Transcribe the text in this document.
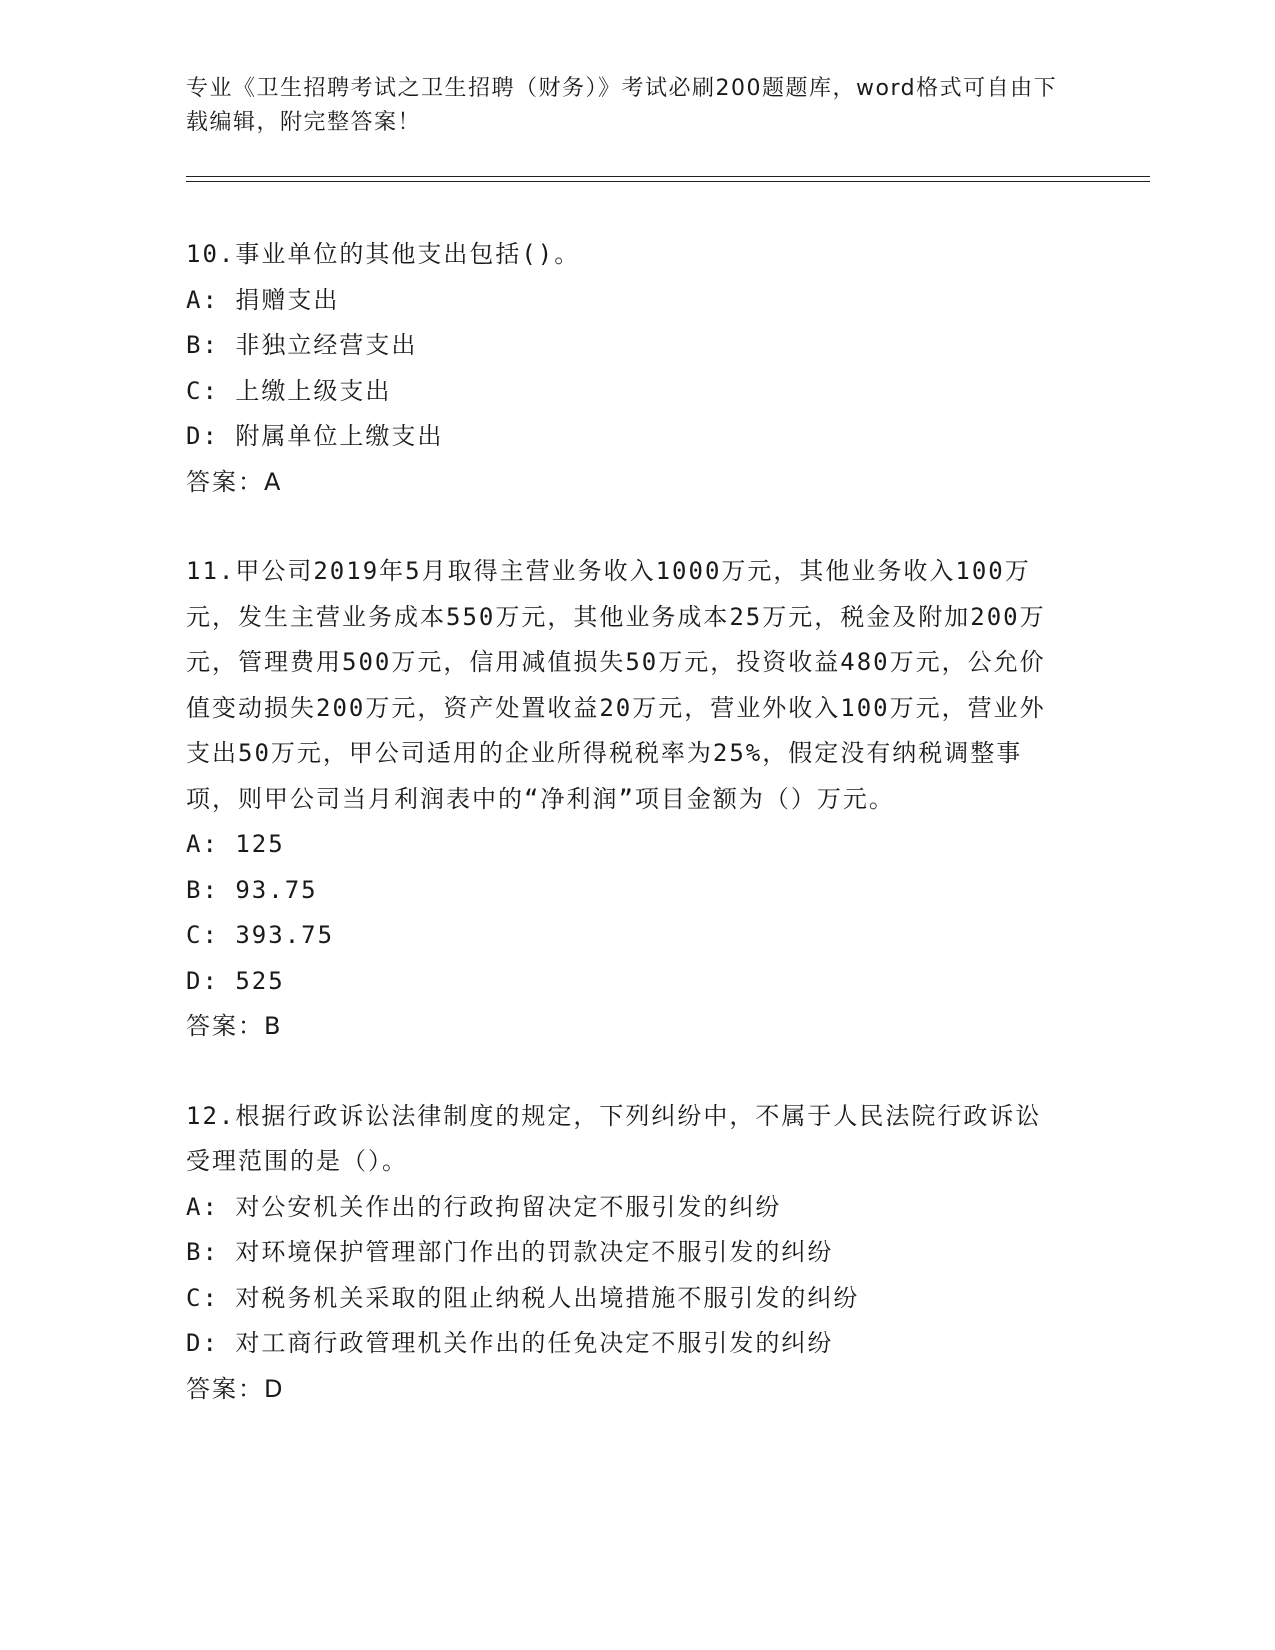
专业《卫生招聘考试之卫生招聘（财务）》考试必刷200题题库，word格式可自由下载编辑，附完整答案！
10.事业单位的其他支出包括()。
A: 捐赠支出
B: 非独立经营支出
C: 上缴上级支出
D: 附属单位上缴支出
答案：A
11.甲公司2019年5月取得主营业务收入1000万元，其他业务收入100万元，发生主营业务成本550万元，其他业务成本25万元，税金及附加200万元，管理费用500万元，信用减值损失50万元，投资收益480万元，公允价值变动损失200万元，资产处置收益20万元，营业外收入100万元，营业外支出50万元，甲公司适用的企业所得税税率为25%，假定没有纳税调整事项，则甲公司当月利润表中的“净利润”项目金额为（）万元。
A: 125
B: 93.75
C: 393.75
D: 525
答案：B
12.根据行政诉讼法律制度的规定，下列纠纷中，不属于人民法院行政诉讼受理范围的是（）。
A: 对公安机关作出的行政拘留决定不服引发的纠纷
B: 对环境保护管理部门作出的罚款决定不服引发的纠纷
C: 对税务机关采取的阻止纳税人出境措施不服引发的纠纷
D: 对工商行政管理机关作出的任免决定不服引发的纠纷
答案：D
